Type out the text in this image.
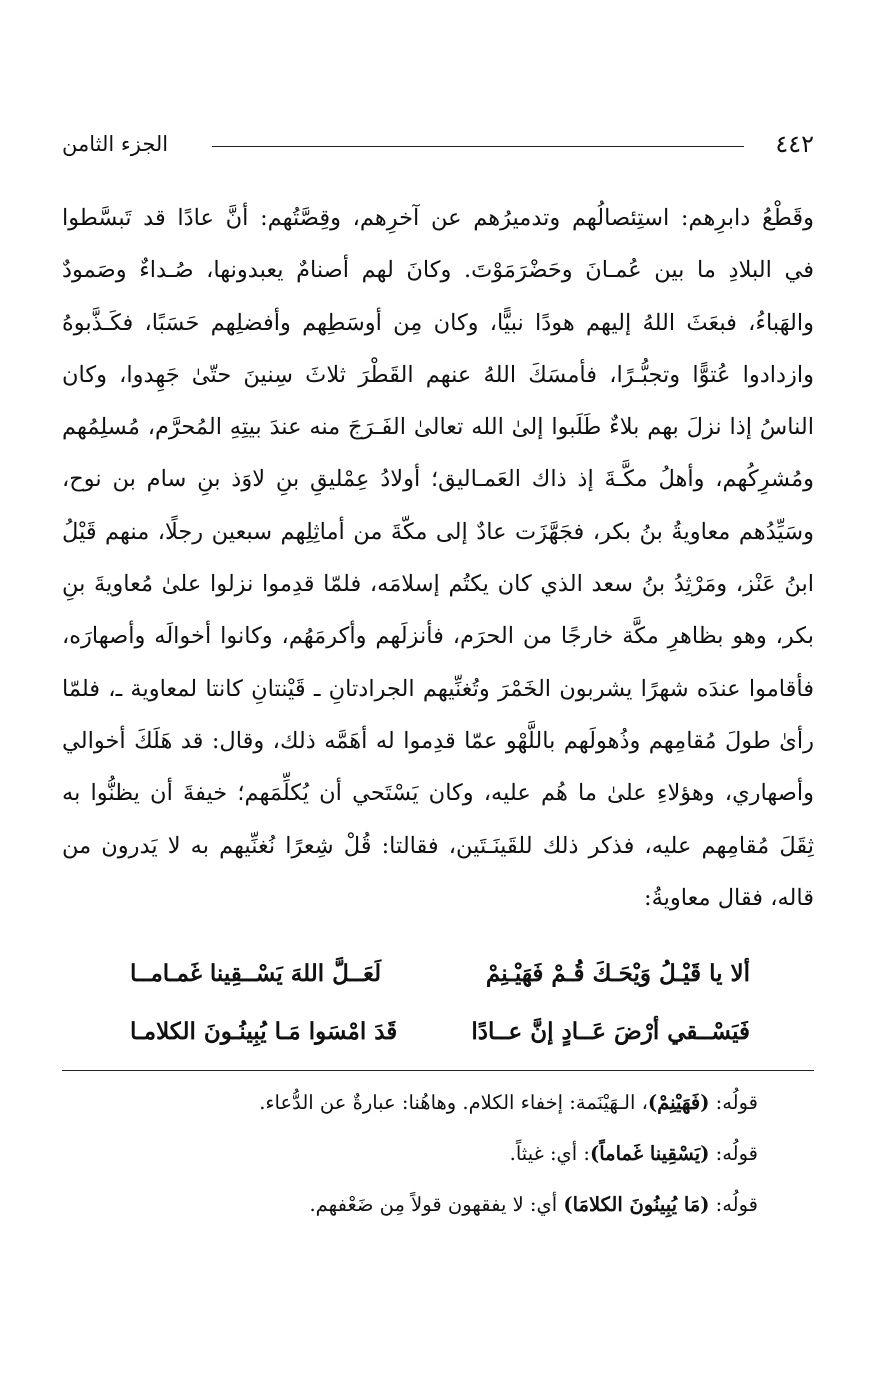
٤٤٢
الجزء الثامن
وقَطْعُ دابرِهم: استِئصالُهم وتدميرُهم عن آخرِهم، وقِصَّتُهم: أنَّ عادًا قد تَبسَّطوا
في البلادِ ما بين عُمـانَ وحَضْرَمَوْتَ. وكانَ لهم أصنامٌ يعبدونها، صُـداءٌ وصَمودٌ
والهَباءُ، فبعَثَ اللهُ إليهم هودًا نبيًّا، وكان مِن أوسَطِهم وأفضلِهم حَسَبًا، فكَـذَّبوهُ
وازدادوا عُتوًّا وتجبُّـرًا، فأمسَكَ اللهُ عنهم القَطْرَ ثلاثَ سِنينَ حتّىٰ جَهِدوا، وكان
الناسُ إذا نزلَ بهم بلاءٌ طَلَبوا إلىٰ الله تعالىٰ الفَـرَجَ منه عندَ بيتِهِ المُحرَّم، مُسلِمُهم
ومُشرِكُهم، وأهلُ مكَّـةَ إذ ذاك العَمـاليق؛ أولادُ عِمْليقِ بنِ لاوَذ بنِ سام بن نوح،
وسَيِّدُهم معاويةُ بنُ بكر، فجَهَّزَت عادٌ إلى مكّةَ من أماثِلِهم سبعين رجلًا، منهم قَيْلُ
ابنُ عَنْز، ومَرْثِدُ بنُ سعد الذي كان يكتُم إسلامَه، فلمّا قدِموا نزلوا علىٰ مُعاويةَ بنِ
بكر، وهو بظاهرِ مكَّة خارجًا من الحرَم، فأنزلَهم وأكرمَهُم، وكانوا أخوالَه وأصهارَه،
فأقاموا عندَه شهرًا يشربون الخَمْرَ وتُغنِّيهم الجرادتانِ ـ قَيْنتانِ كانتا لمعاوية ـ، فلمّا
رأىٰ طولَ مُقامِهم وذُهولَهم باللَّهْو عمّا قدِموا له أهَمَّه ذلك، وقال: قد هَلَكَ أخوالي
وأصهاري، وهؤلاءِ علىٰ ما هُم عليه، وكان يَسْتَحي أن يُكلِّمَهم؛ خيفةَ أن يظنُّوا به
ثِقَلَ مُقامِهم عليه، فذكر ذلك للقَينَـتَين، فقالتا: قُلْ شِعرًا نُغنِّيهم به لا يَدرون من
قاله، فقال معاويةُ:
ألا يا قَيْـلُ وَيْحَـكَ قُـمْ فَهَيْـنِمْ
لَعَــلَّ اللهَ يَسْــقِينا غَمـامــا
فَيَسْــقي أرْضَ عَــادٍ إنَّ عــادًا
قَدَ امْسَوا مَـا يُبِينُـونَ الكلامـا
قولُه: (فَهَيْنِمْ)، الـهَيْنَمة: إخفاء الكلام. وهاهُنا: عبارةٌ عن الدُّعاء.
قولُه: (يَسْقِينا غَماماً): أي: غيثاً.
قولُه: (مَا يُبِينُونَ الكلامَا) أي: لا يفقهون قولاً مِن ضَعْفهم.
